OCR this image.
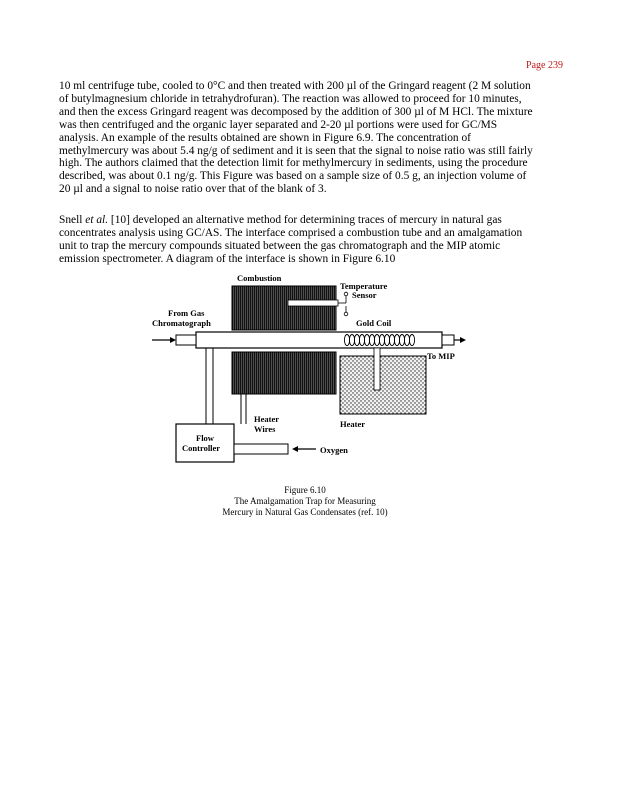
Page 239
10 ml centrifuge tube, cooled to 0°C and then treated with 200 µl of the Gringard reagent (2 M solution
of butylmagnesium chloride in tetrahydrofuran). The reaction was allowed to proceed for 10 minutes,
and then the excess Gringard reagent was decomposed by the addition of 300 µl of M HCl. The mixture
was then centrifuged and the organic layer separated and 2-20 µl portions were used for GC/MS
analysis. An example of the results obtained are shown in Figure 6.9. The concentration of
methylmercury was about 5.4 ng/g of sediment and it is seen that the signal to noise ratio was still fairly
high. The authors claimed that the detection limit for methylmercury in sediments, using the procedure
described, was about 0.1 ng/g. This Figure was based on a sample size of 0.5 g, an injection volume of
20 µl and a signal to noise ratio over that of the blank of 3.
Snell et al. [10] developed an alternative method for determining traces of mercury in natural gas
concentrates analysis using GC/AS. The interface comprised a combustion tube and an amalgamation
unit to trap the mercury compounds situated between the gas chromatograph and the MIP atomic
emission spectrometer. A diagram of the interface is shown in Figure 6.10
Combustion
Temperature
Sensor
From Gas
Chromatograph	Gold Coil
To MIP
Heater
Wires	Heater
Flow
Controller	Oxygen
Figure 6.10
The Amalgamation Trap for Measuring
Mercury in Natural Gas Condensates (ref. 10)
